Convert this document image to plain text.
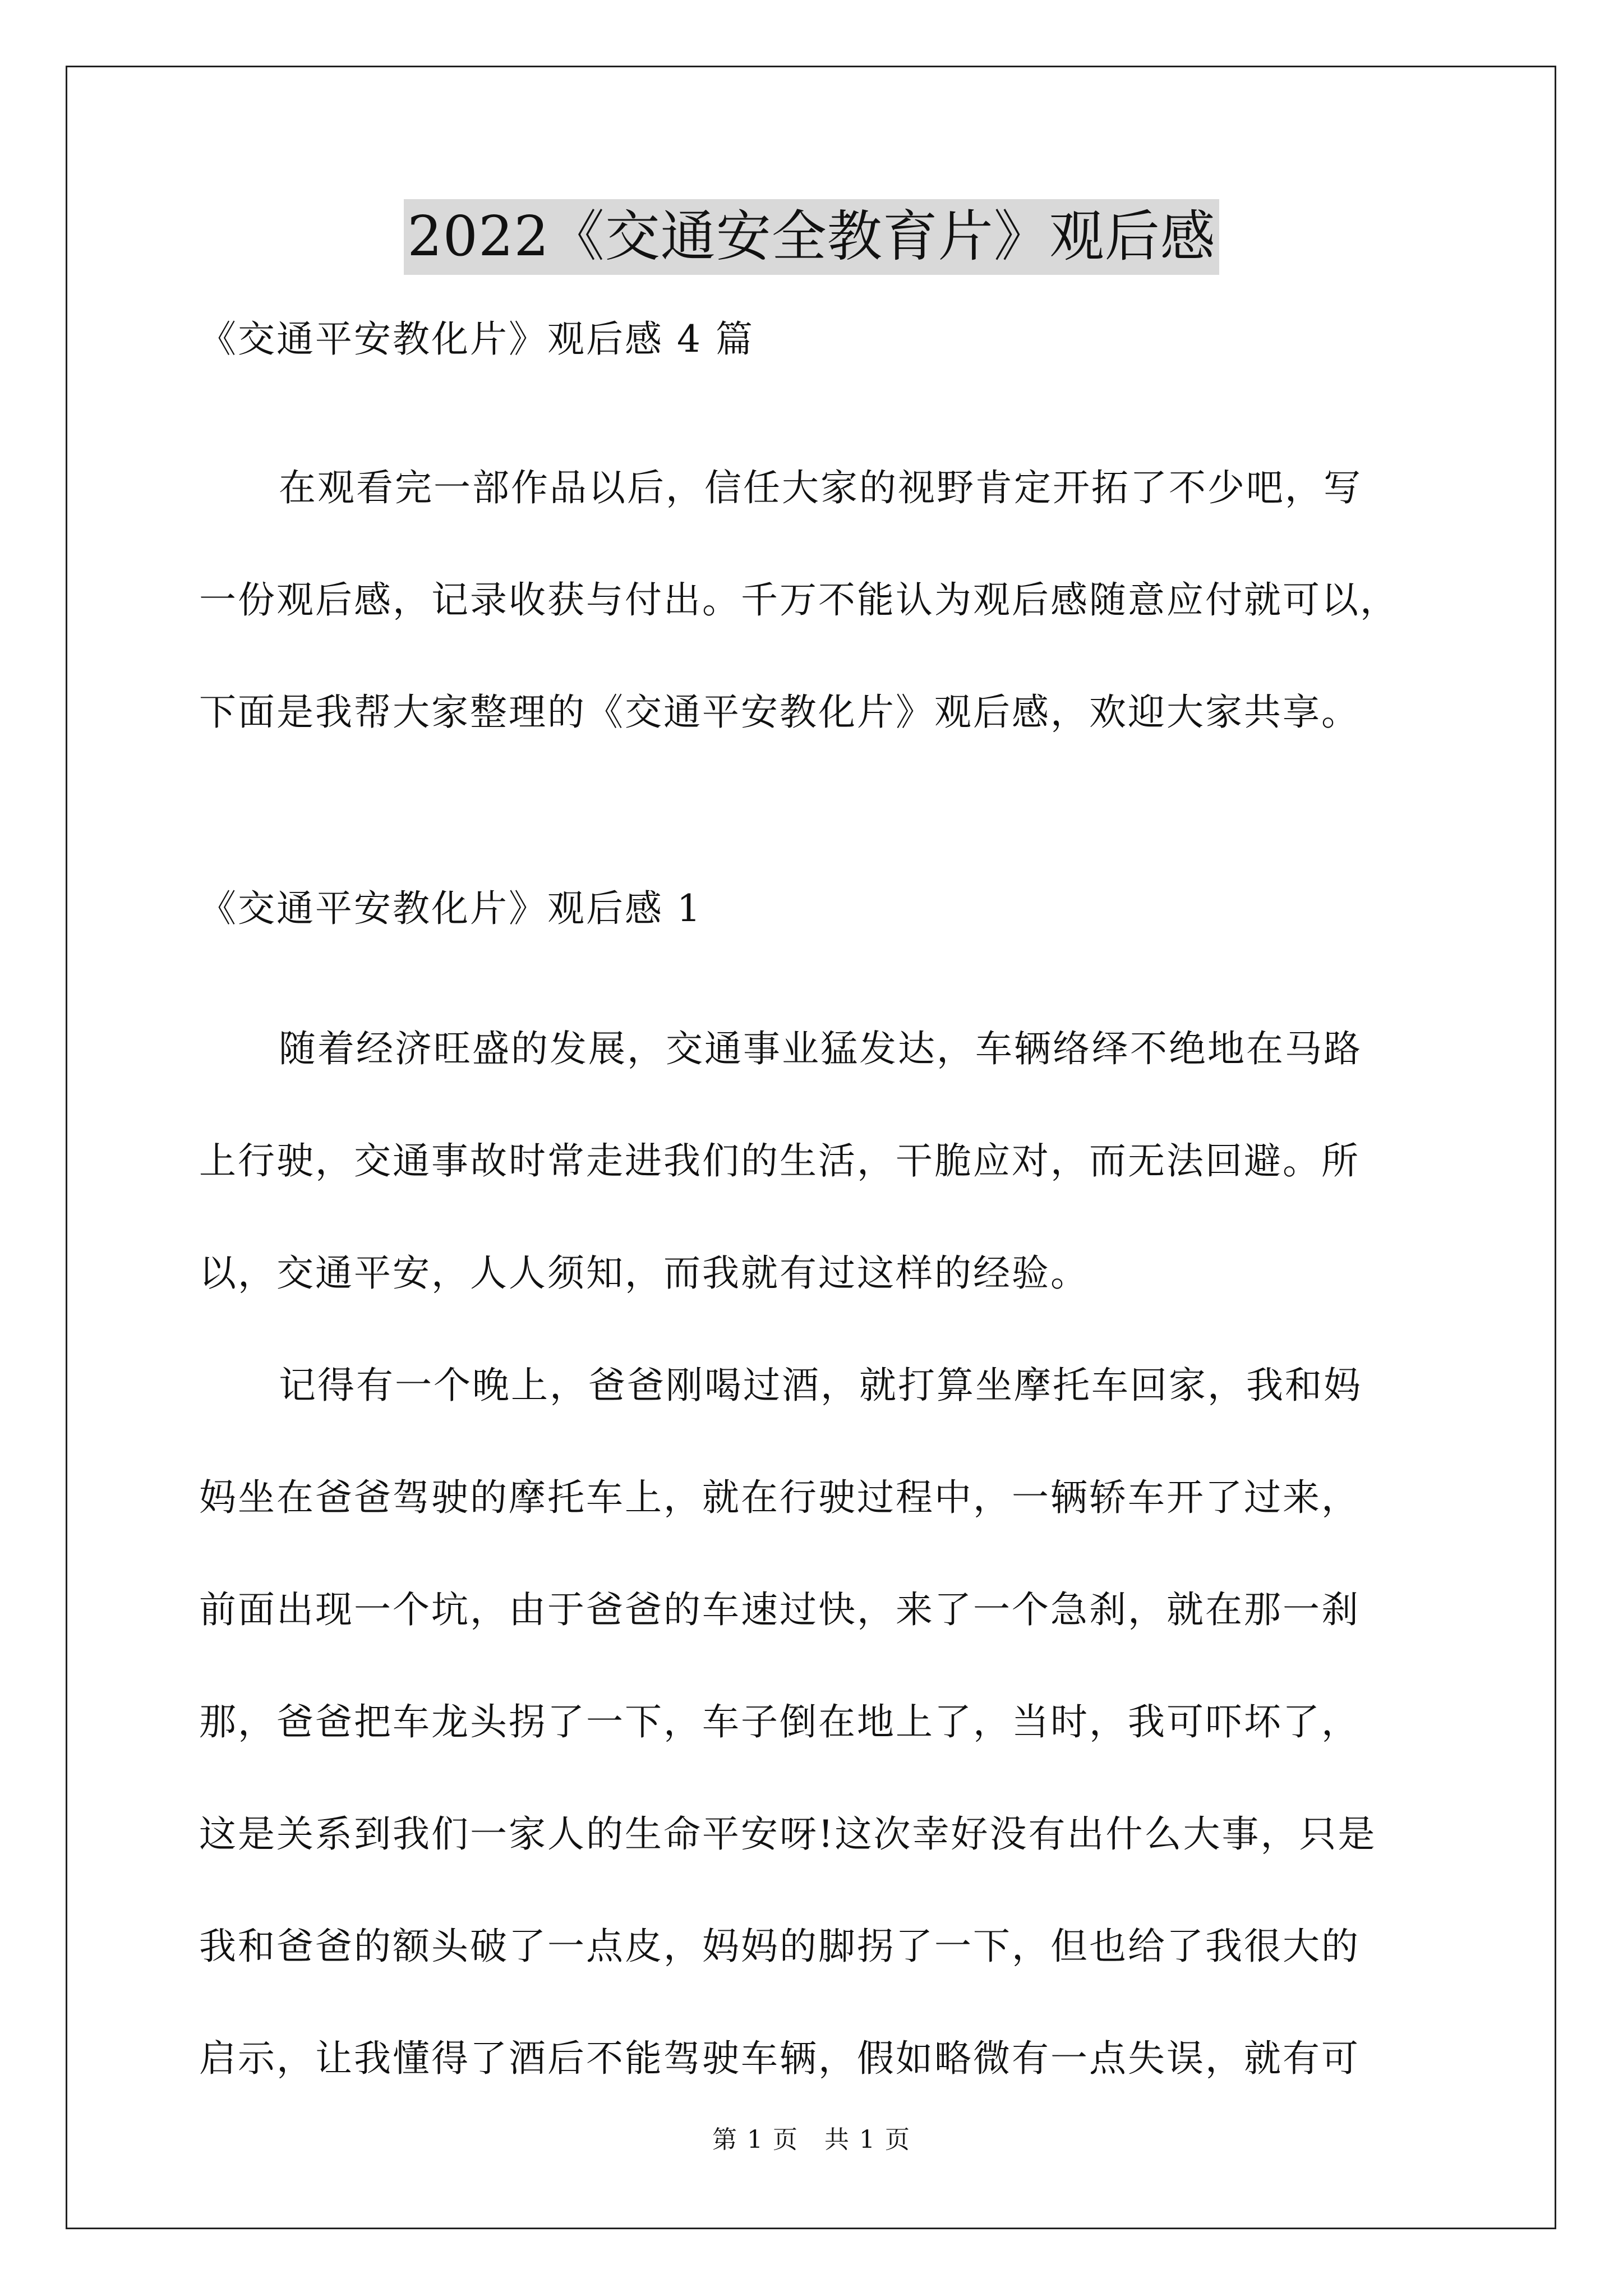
2022《交通安全教育片》观后感
《交通平安教化片》观后感 4 篇
在观看完一部作品以后，信任大家的视野肯定开拓了不少吧，写
一份观后感，记录收获与付出。千万不能认为观后感随意应付就可以，
下面是我帮大家整理的《交通平安教化片》观后感，欢迎大家共享。
《交通平安教化片》观后感 1
随着经济旺盛的发展，交通事业猛发达，车辆络绎不绝地在马路
上行驶，交通事故时常走进我们的生活，干脆应对，而无法回避。所
以，交通平安，人人须知，而我就有过这样的经验。
记得有一个晚上，爸爸刚喝过酒，就打算坐摩托车回家，我和妈
妈坐在爸爸驾驶的摩托车上，就在行驶过程中，一辆轿车开了过来，
前面出现一个坑，由于爸爸的车速过快，来了一个急刹，就在那一刹
那，爸爸把车龙头拐了一下，车子倒在地上了，当时，我可吓坏了，
这是关系到我们一家人的生命平安呀!这次幸好没有出什么大事，只是
我和爸爸的额头破了一点皮，妈妈的脚拐了一下，但也给了我很大的
启示，让我懂得了酒后不能驾驶车辆，假如略微有一点失误，就有可
第 1 页　共 1 页
